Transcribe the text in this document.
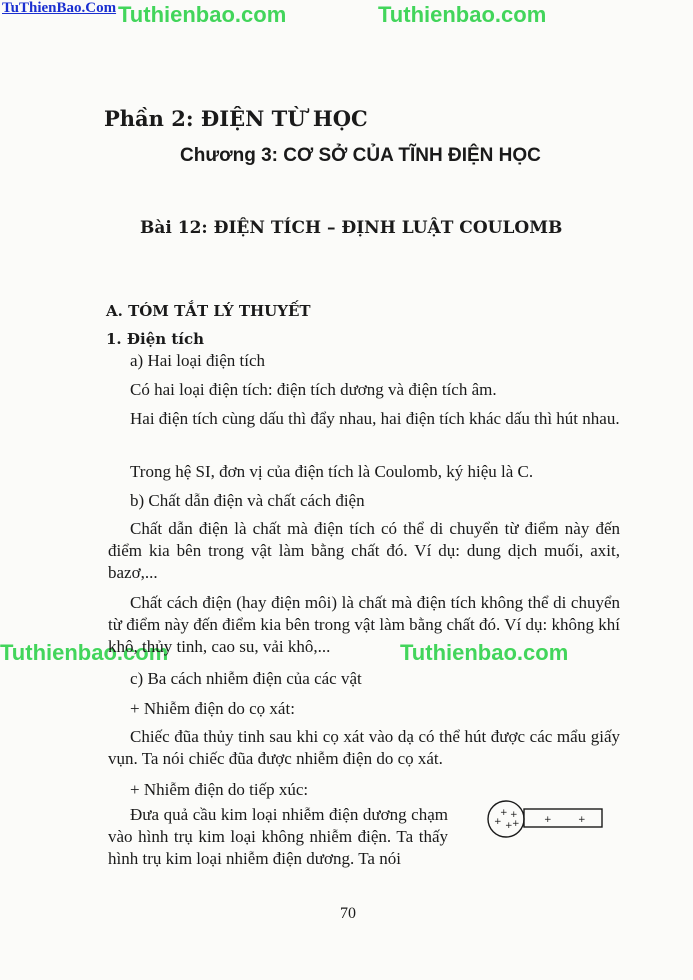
TuThienBao.Com Tuthienbao.com	Tuthienbao.com
Tuthienbao.com	Tuthienbao.com
Phần 2: ĐIỆN TỪ HỌC
Chương 3: CƠ SỞ CỦA TĨNH ĐIỆN HỌC
Bài 12: ĐIỆN TÍCH – ĐỊNH LUẬT COULOMB
A. TÓM TẮT LÝ THUYẾT
1. Điện tích
a) Hai loại điện tích
Có hai loại điện tích: điện tích dương và điện tích âm.
Hai điện tích cùng dấu thì đẩy nhau, hai điện tích khác dấu thì hút nhau.
Trong hệ SI, đơn vị của điện tích là Coulomb, ký hiệu là C.
b) Chất dẫn điện và chất cách điện
Chất dẫn điện là chất mà điện tích có thể di chuyển từ điểm này đến điểm kia bên trong vật làm bằng chất đó. Ví dụ: dung dịch muối, axit, bazơ,...
Chất cách điện (hay điện môi) là chất mà điện tích không thể di chuyển từ điểm này đến điểm kia bên trong vật làm bằng chất đó. Ví dụ: không khí khô, thủy tinh, cao su, vải khô,...
c) Ba cách nhiễm điện của các vật
+ Nhiễm điện do cọ xát:
Chiếc đũa thủy tinh sau khi cọ xát vào dạ có thể hút được các mẩu giấy vụn. Ta nói chiếc đũa được nhiễm điện do cọ xát.
+ Nhiễm điện do tiếp xúc:
Đưa quả cầu kim loại nhiễm điện dương chạm vào hình trụ kim loại không nhiễm điện. Ta thấy hình trụ kim loại nhiễm điện dương. Ta nói
+ +
+ + +	+	+
70
